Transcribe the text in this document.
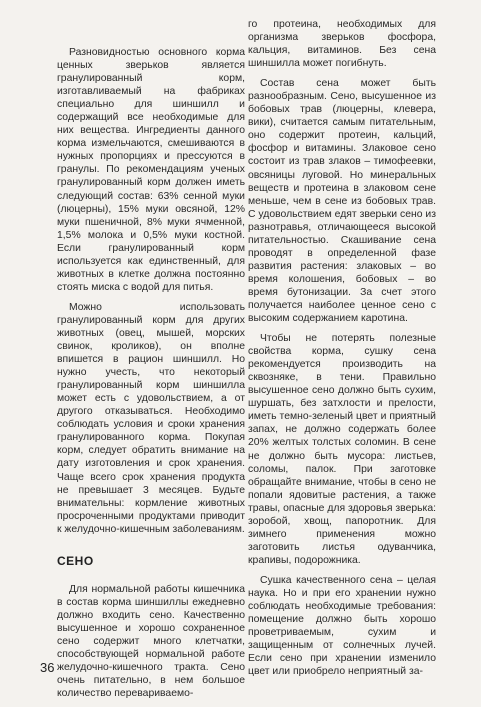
Разновидностью основного корма ценных зверьков является гранулированный корм, изготавливаемый на фабриках специально для шиншилл и содержащий все необходимые для них вещества. Ингредиенты данного корма измельчаются, смешиваются в нужных пропорциях и прессуются в гранулы. По рекомендациям ученых гранулированный корм должен иметь следующий состав: 63% сенной муки (люцерны), 15% муки овсяной, 12% муки пшеничной, 8% муки ячменной, 1,5% молока и 0,5% муки костной. Если гранулированный корм используется как единственный, для животных в клетке должна постоянно стоять миска с водой для питья.

Можно использовать гранулированный корм для других животных (овец, мышей, морских свинок, кроликов), он вполне впишется в рацион шиншилл. Но нужно учесть, что некоторый гранулированный корм шиншилла может есть с удовольствием, а от другого отказываться. Необходимо соблюдать условия и сроки хранения гранулированного корма. Покупая корм, следует обратить внимание на дату изготовления и срок хранения. Чаще всего срок хранения продукта не превышает 3 месяцев. Будьте внимательны: кормление животных просроченными продуктами приводит к желудочно-кишечным заболеваниям.

СЕНО

Для нормальной работы кишечника в состав корма шиншиллы ежедневно должно входить сено. Качественно высушенное и хорошо сохраненное сено содержит много клетчатки, способствующей нормальной работе желудочно-кишечного тракта. Сено очень питательно, в нем большое количество перевариваемо-

го протеина, необходимых для организма зверьков фосфора, кальция, витаминов. Без сена шиншилла может погибнуть.

Состав сена может быть разнообразным. Сено, высушенное из бобовых трав (люцерны, клевера, вики), считается самым питательным, оно содержит протеин, кальций, фосфор и витамины. Злаковое сено состоит из трав злаков – тимофеевки, овсяницы луговой. Но минеральных веществ и протеина в злаковом сене меньше, чем в сене из бобовых трав. С удовольствием едят зверьки сено из разнотравья, отличающееся высокой питательностью. Скашивание сена проводят в определенной фазе развития растения: злаковых – во время колошения, бобовых – во время бутонизации. За счет этого получается наиболее ценное сено с высоким содержанием каротина.

Чтобы не потерять полезные свойства корма, сушку сена рекомендуется производить на сквозняке, в тени. Правильно высушенное сено должно быть сухим, шуршать, без затхлости и прелости, иметь темно-зеленый цвет и приятный запах, не должно содержать более 20% желтых толстых соломин. В сене не должно быть мусора: листьев, соломы, палок. При заготовке обращайте внимание, чтобы в сено не попали ядовитые растения, а также травы, опасные для здоровья зверька: зоробой, хвощ, папоротник. Для зимнего применения можно заготовить листья одуванчика, крапивы, подорожника.

Сушка качественного сена – целая наука. Но и при его хранении нужно соблюдать необходимые требования: помещение должно быть хорошо проветриваемым, сухим и защищенным от солнечных лучей. Если сено при хранении изменило цвет или приобрело неприятный за-

36
